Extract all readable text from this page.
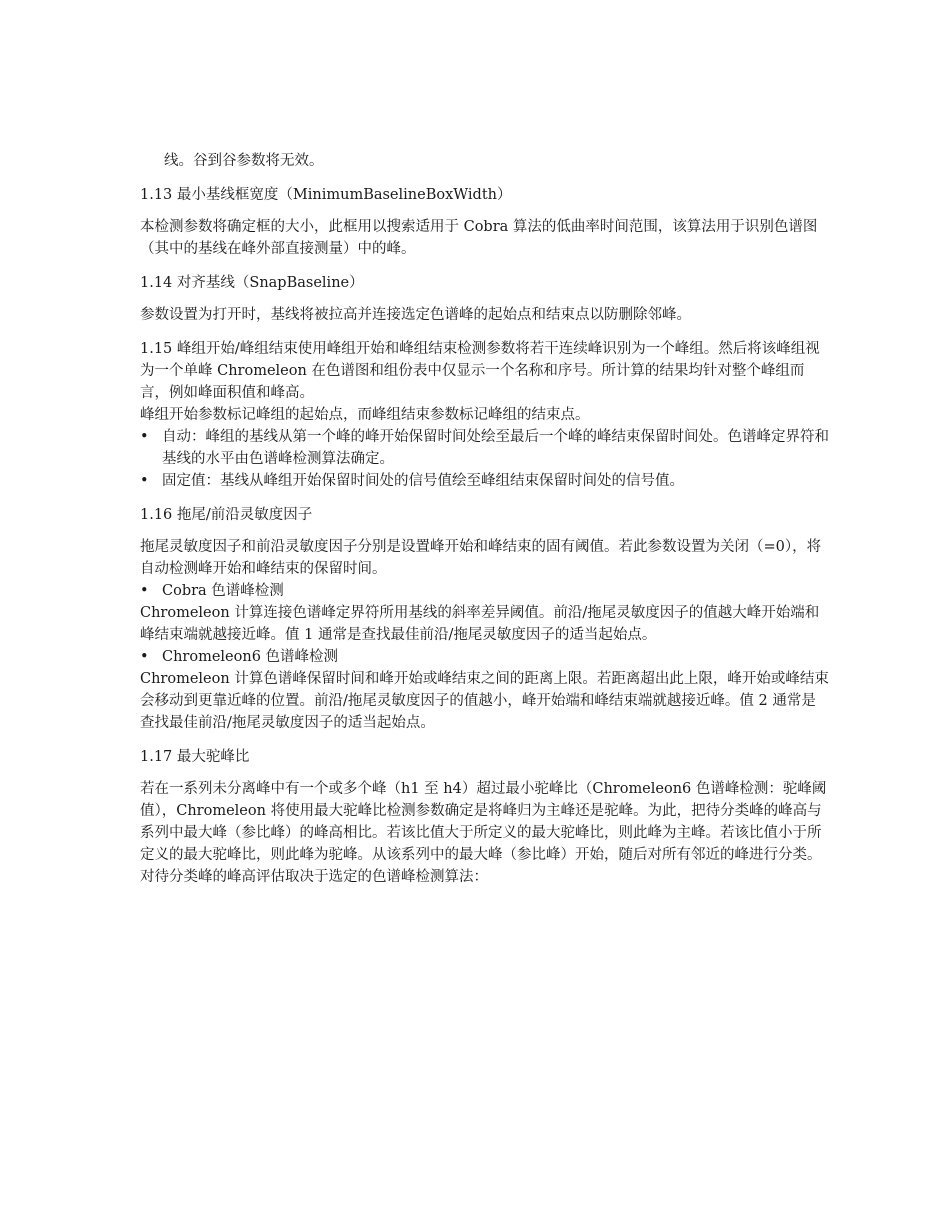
线。谷到谷参数将无效。

1.13 最小基线框宽度（MinimumBaselineBoxWidth）

本检测参数将确定框的大小，此框用以搜索适用于 Cobra 算法的低曲率时间范围，该算法用于识别色谱图（其中的基线在峰外部直接测量）中的峰。

1.14 对齐基线（SnapBaseline）

参数设置为打开时，基线将被拉高并连接选定色谱峰的起始点和结束点以防删除邻峰。

1.15 峰组开始/峰组结束使用峰组开始和峰组结束检测参数将若干连续峰识别为一个峰组。然后将该峰组视为一个单峰 Chromeleon 在色谱图和组份表中仅显示一个名称和序号。所计算的结果均针对整个峰组而言，例如峰面积值和峰高。

峰组开始参数标记峰组的起始点，而峰组结束参数标记峰组的结束点。

• 自动：峰组的基线从第一个峰的峰开始保留时间处绘至最后一个峰的峰结束保留时间处。色谱峰定界符和基线的水平由色谱峰检测算法确定。
• 固定值：基线从峰组开始保留时间处的信号值绘至峰组结束保留时间处的信号值。
1.16 拖尾/前沿灵敏度因子

拖尾灵敏度因子和前沿灵敏度因子分别是设置峰开始和峰结束的固有阈值。若此参数设置为关闭（=0），将自动检测峰开始和峰结束的保留时间。

• Cobra 色谱峰检测

Chromeleon 计算连接色谱峰定界符所用基线的斜率差异阈值。前沿/拖尾灵敏度因子的值越大峰开始端和峰结束端就越接近峰。值 1 通常是查找最佳前沿/拖尾灵敏度因子的适当起始点。

• Chromeleon6 色谱峰检测

Chromeleon 计算色谱峰保留时间和峰开始或峰结束之间的距离上限。若距离超出此上限，峰开始或峰结束会移动到更靠近峰的位置。前沿/拖尾灵敏度因子的值越小，峰开始端和峰结束端就越接近峰。值 2 通常是查找最佳前沿/拖尾灵敏度因子的适当起始点。

1.17 最大驼峰比

若在一系列未分离峰中有一个或多个峰（h1 至 h4）超过最小驼峰比（Chromeleon6 色谱峰检测：驼峰阈值），Chromeleon 将使用最大驼峰比检测参数确定是将峰归为主峰还是驼峰。为此，把待分类峰的峰高与系列中最大峰（参比峰）的峰高相比。若该比值大于所定义的最大驼峰比，则此峰为主峰。若该比值小于所定义的最大驼峰比，则此峰为驼峰。从该系列中的最大峰（参比峰）开始，随后对所有邻近的峰进行分类。对待分类峰的峰高评估取决于选定的色谱峰检测算法：
